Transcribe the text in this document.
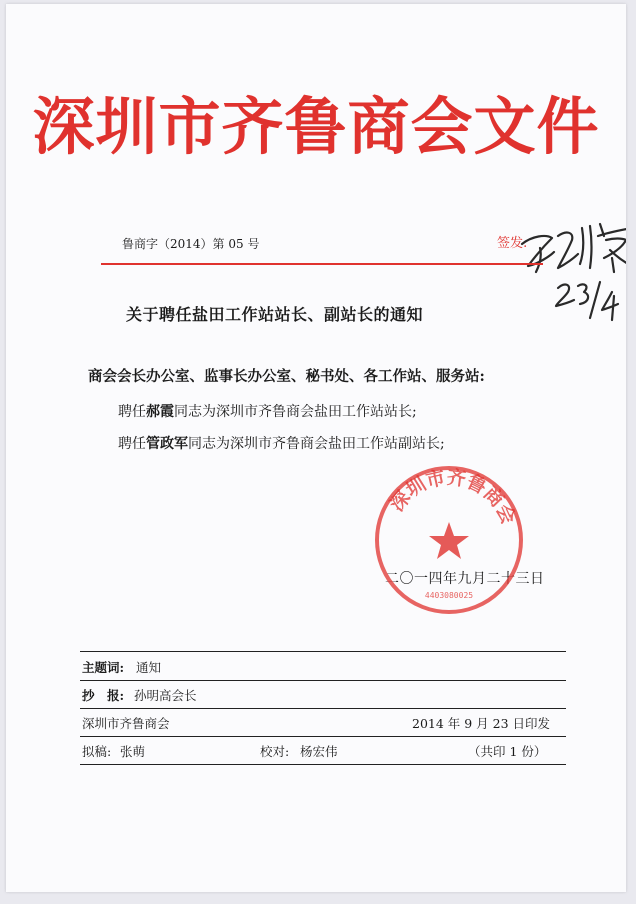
深圳市齐鲁商会文件
鲁商字（2014）第 05 号	签发:
关于聘任盐田工作站站长、副站长的通知
商会会长办公室、监事长办公室、秘书处、各工作站、服务站:
聘任郝霞同志为深圳市齐鲁商会盐田工作站站长;
聘任管政军同志为深圳市齐鲁商会盐田工作站副站长;
二〇一四年九月二十三日
深圳市齐鲁商会
4403080025
主题词: 通知
抄　报: 孙明高会长
深圳市齐鲁商会	2014 年 9 月 23 日印发
拟稿: 张萌	校对: 杨宏伟	（共印 1 份）
